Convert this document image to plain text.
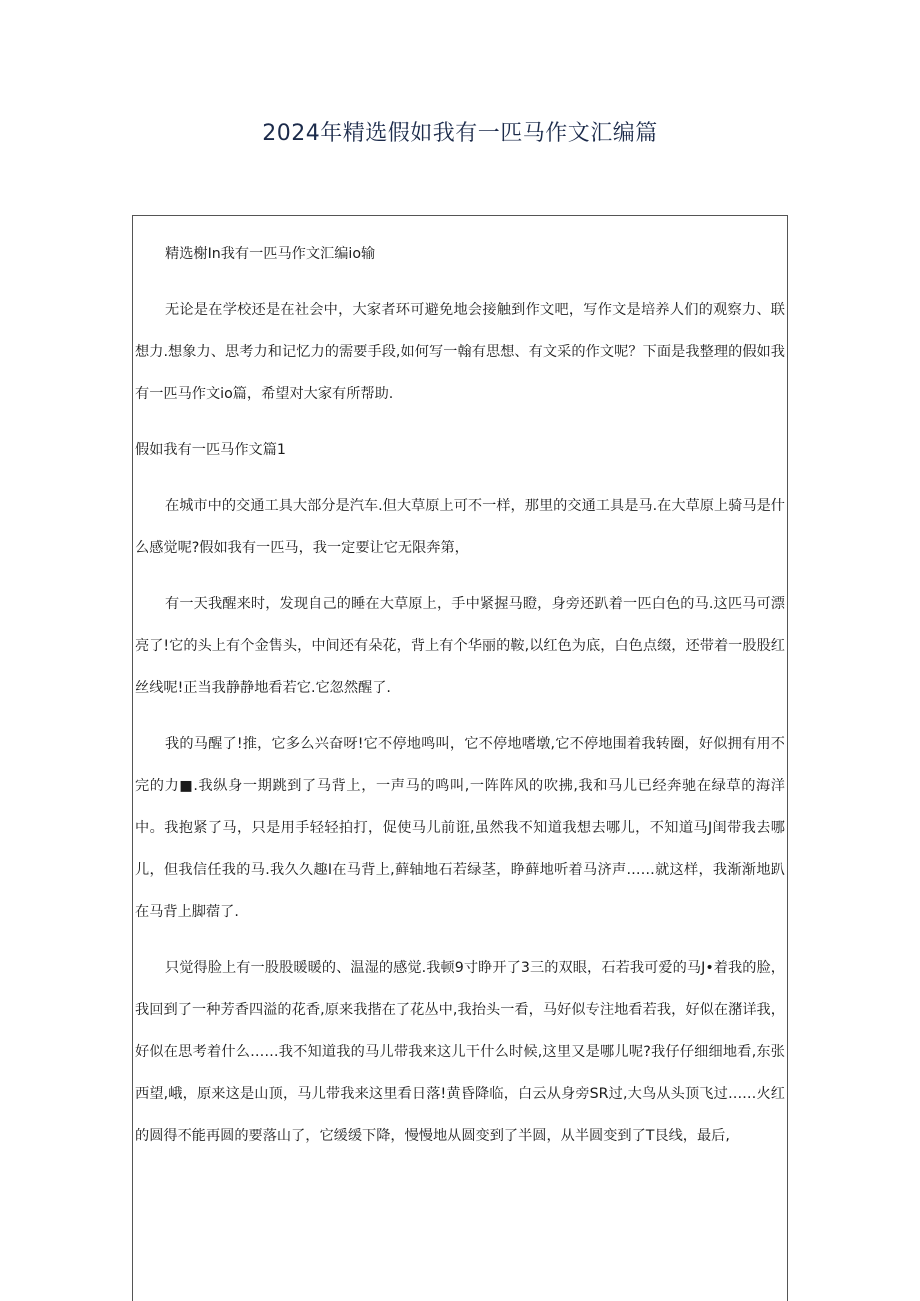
2024年精选假如我有一匹马作文汇编篇

精选榭In我有一匹马作文汇编io输

无论是在学校还是在社会中，大家者环可避免地会接触到作文吧，写作文是培养人们的观察力、联想力.想象力、思考力和记忆力的需要手段,如何写一翰有思想、有文采的作文呢？下面是我整理的假如我有一匹马作文io篇，希望对大家有所帮助.

假如我有一匹马作文篇1

在城市中的交通工具大部分是汽车.但大草原上可不一样，那里的交通工具是马.在大草原上骑马是什么感觉呢?假如我有一匹马，我一定要让它无限奔第，

有一天我醒来时，发现自己的睡在大草原上，手中紧握马瞪，身旁还趴着一匹白色的马.这匹马可漂亮了!它的头上有个金售头，中间还有朵花，背上有个华丽的鞍,以红色为底，白色点缀，还带着一股股红丝线呢!正当我静静地看若它.它忽然醒了.

我的马醒了!推，它多么兴奋呀!它不停地鸣叫，它不停地嗜墩,它不停地围着我转圈，好似拥有用不完的力■.我纵身一期跳到了马背上，一声马的鸣叫,一阵阵风的吹拂,我和马儿已经奔驰在绿草的海洋中。我抱紧了马，只是用手轻轻拍打，促使马儿前诳,虽然我不知道我想去哪儿，不知道马J闺带我去哪儿，但我信任我的马.我久久趣I在马背上,藓轴地石若绿茎，睁藓地听着马济声……就这样，我渐渐地趴在马背上脚蓿了.

只觉得脸上有一股股暖暖的、温湿的感觉.我顿9寸睁开了3三的双眼，石若我可爱的马J•着我的脸，我回到了一种芳香四溢的花香,原来我揩在了花丛中,我抬头一看，马好似专注地看若我，好似在潴详我，好似在思考着什么……我不知道我的马儿带我来这儿干什么时候,这里又是哪儿呢?我仔仔细细地看,东张西望,峨，原来这是山顶，马儿带我来这里看日落!黄昏降临，白云从身旁SR过,大鸟从头顶飞过……火红的圆得不能再圆的要落山了，它缓缓下降，慢慢地从圆变到了半圆，从半圆变到了T艮线，最后,
